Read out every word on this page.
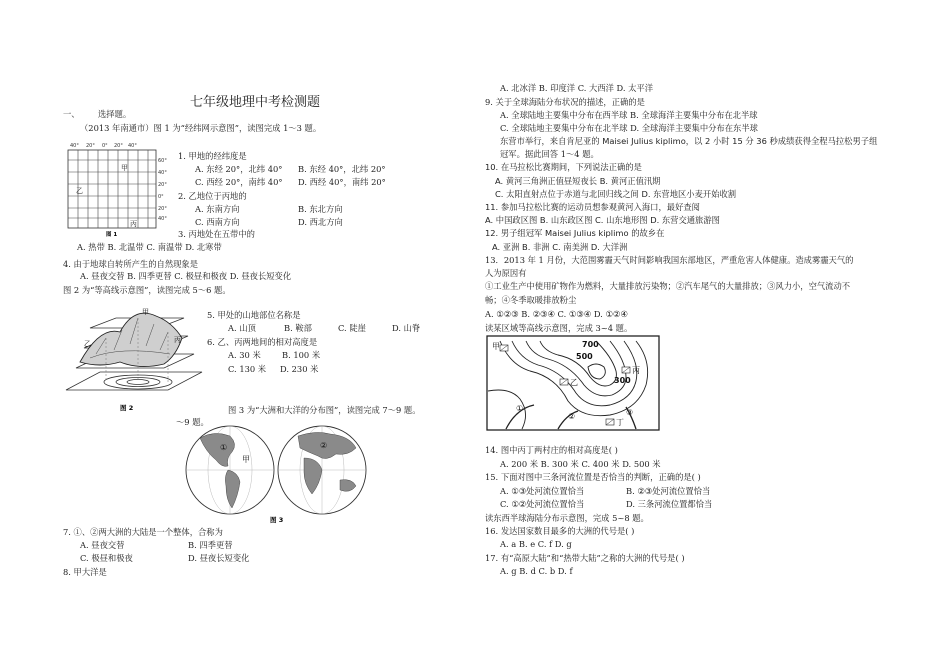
七年级地理中考检测题
一、 选择题。
（2013 年南通市）图 1 为“经纬网示意图”，读图完成 1～3 题。
40° 20° 0° 20° 40°
60°
40°
20°
0°
20°
40°
甲
乙
丙
图 1
1. 甲地的经纬度是
A. 东经 20°，北纬 40° B. 东经 40°，北纬 20°
C. 西经 20°，南纬 40° D. 西经 40°，南纬 20°
2. 乙地位于丙地的
A. 东南方向	B. 东北方向
C. 西南方向	D. 西北方向
3. 丙地处在五带中的
A. 热带 B. 北温带 C. 南温带 D. 北寒带
4. 由于地球自转所产生的自然现象是
A. 昼夜交替 B. 四季更替 C. 极昼和极夜 D. 昼夜长短变化
图 2 为“等高线示意图”，读图完成 5～6 题。
甲
乙	丙
图 2
5. 甲处的山地部位名称是
A. 山顶	B. 鞍部	C. 陡崖	D. 山脊
6. 乙、丙两地间的相对高度是
A. 30 米	B. 100 米
C. 130 米 D. 230 米
图 3 为“大洲和大洋的分布图”，读图完成 7～9 题。
～9 题。
甲
①	②
图 3
7. ①、②两大洲的大陆是一个整体，合称为
A. 昼夜交替	B. 四季更替
C. 极昼和极夜	D. 昼夜长短变化
8. 甲大洋是
A. 北冰洋 B. 印度洋 C. 大西洋 D. 太平洋
9. 关于全球海陆分布状况的描述，正确的是
A. 全球陆地主要集中分布在西半球 B. 全球海洋主要集中分布在北半球
C. 全球陆地主要集中分布在北半球 D. 全球海洋主要集中分布在东半球
东营市举行，来自肯尼亚的 Maisei Julius kiplimo，以 2 小时 15 分 36 秒成绩获得全程马拉松男子组
冠军。据此回答 1～4 题。
10. 在马拉松比赛期间，下列说法正确的是
A. 黄河三角洲正值昼短夜长 B. 黄河正值汛期
C. 太阳直射点位于赤道与北回归线之间 D. 东营地区小麦开始收割
11. 参加马拉松比赛的运动员想参观黄河入海口，最好查阅
A. 中国政区图 B. 山东政区图 C. 山东地形图 D. 东营交通旅游图
12. 男子组冠军 Maisei Julius kiplimo 的故乡在
A. 亚洲 B. 非洲 C. 南美洲 D. 大洋洲
13．2013 年 1 月份，大范围雾霾天气时间影响我国东部地区，严重危害人体健康。造成雾霾天气的
人为原因有
①工业生产中使用矿物作为燃料，大量排放污染物；②汽车尾气的大量排放；③风力小，空气流动不
畅；④冬季取暖排放粉尘
A. ①②③ B. ②③④ C. ①③④ D. ①②④
读某区域等高线示意图，完成 3~4 题。
甲
乙
丙
丁
700
500
300
①
②	③
14. 图中丙丁两村庄的相对高度是( )
A. 200 米 B. 300 米 C. 400 米 D. 500 米
15. 下面对图中三条河流位置是否恰当的判断，正确的是( )
A. ①③处河流位置恰当	B. ②③处河流位置恰当
C. ①②处河流位置恰当	D. 三条河流位置都恰当
读东西半球海陆分布示意图，完成 5~8 题。
16. 发达国家数目最多的大洲的代号是( )
A. a B. e C. f D. g
17. 有“高原大陆”和“热带大陆”之称的大洲的代号是( )
A. g B. d C. b D. f
